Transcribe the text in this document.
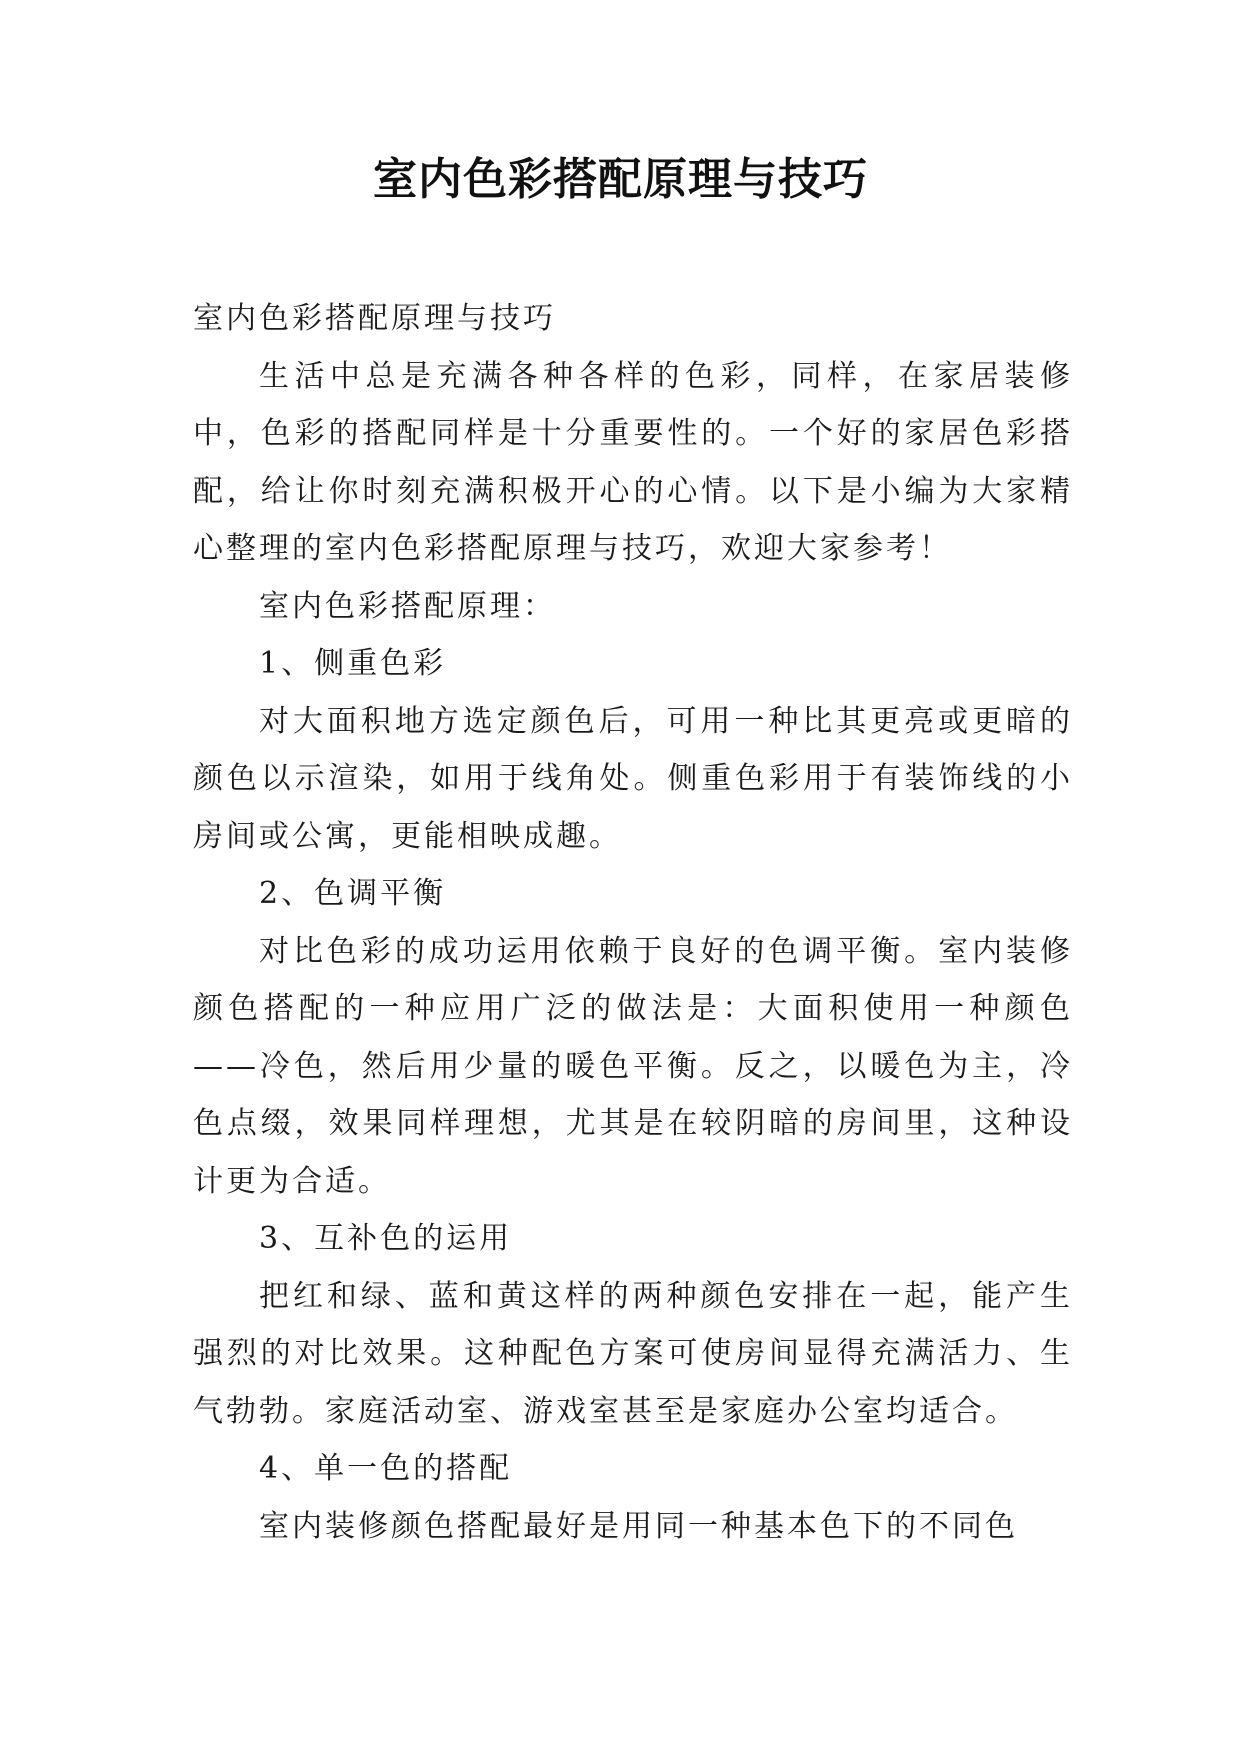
室内色彩搭配原理与技巧

室内色彩搭配原理与技巧

生活中总是充满各种各样的色彩，同样，在家居装修中，色彩的搭配同样是十分重要性的。一个好的家居色彩搭配，给让你时刻充满积极开心的心情。以下是小编为大家精心整理的室内色彩搭配原理与技巧，欢迎大家参考！

室内色彩搭配原理：

1、侧重色彩

对大面积地方选定颜色后，可用一种比其更亮或更暗的颜色以示渲染，如用于线角处。侧重色彩用于有装饰线的小房间或公寓，更能相映成趣。

2、色调平衡

对比色彩的成功运用依赖于良好的色调平衡。室内装修颜色搭配的一种应用广泛的做法是：大面积使用一种颜色——冷色，然后用少量的暖色平衡。反之，以暖色为主，冷色点缀，效果同样理想，尤其是在较阴暗的房间里，这种设计更为合适。

3、互补色的运用

把红和绿、蓝和黄这样的两种颜色安排在一起，能产生强烈的对比效果。这种配色方案可使房间显得充满活力、生气勃勃。家庭活动室、游戏室甚至是家庭办公室均适合。

4、单一色的搭配

室内装修颜色搭配最好是用同一种基本色下的不同色
